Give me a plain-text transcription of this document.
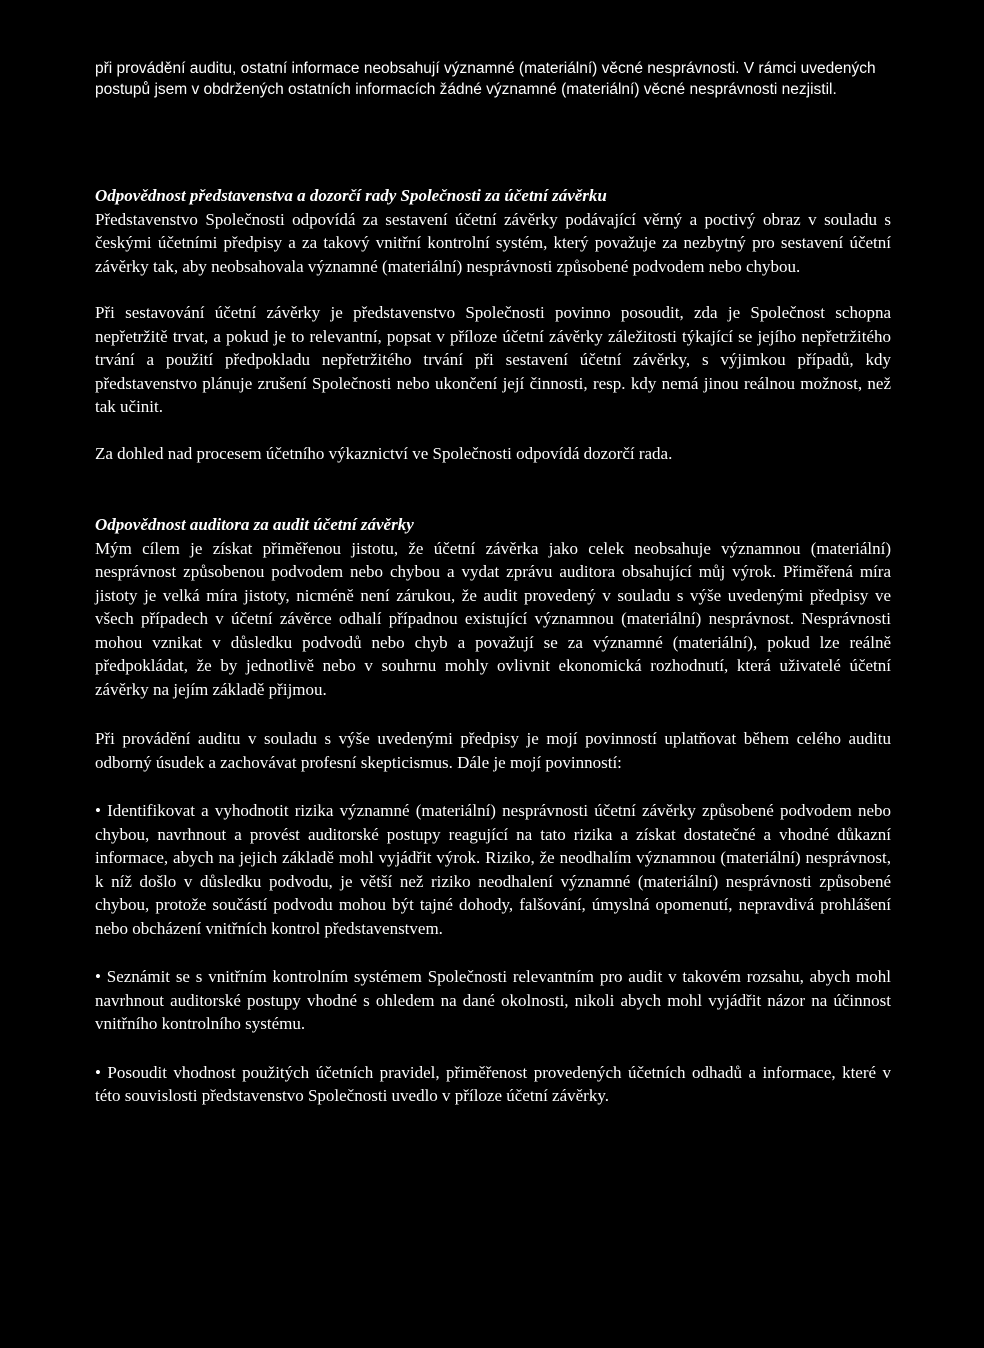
při provádění auditu, ostatní informace neobsahují významné (materiální) věcné nesprávnosti. V rámci uvedených postupů jsem v obdržených ostatních informacích žádné významné (materiální) věcné nesprávnosti nezjistil.

Odpovědnost představenstva a dozorčí rady Společnosti za účetní závěrku

Představenstvo Společnosti odpovídá za sestavení účetní závěrky podávající věrný a poctivý obraz v souladu s českými účetními předpisy a za takový vnitřní kontrolní systém, který považuje za nezbytný pro sestavení účetní závěrky tak, aby neobsahovala významné (materiální) nesprávnosti způsobené podvodem nebo chybou.

Při sestavování účetní závěrky je představenstvo Společnosti povinno posoudit, zda je Společnost schopna nepřetržitě trvat, a pokud je to relevantní, popsat v příloze účetní závěrky záležitosti týkající se jejího nepřetržitého trvání a použití předpokladu nepřetržitého trvání při sestavení účetní závěrky, s výjimkou případů, kdy představenstvo plánuje zrušení Společnosti nebo ukončení její činnosti, resp. kdy nemá jinou reálnou možnost, než tak učinit.

Za dohled nad procesem účetního výkaznictví ve Společnosti odpovídá dozorčí rada.

Odpovědnost auditora za audit účetní závěrky

Mým cílem je získat přiměřenou jistotu, že účetní závěrka jako celek neobsahuje významnou (materiální) nesprávnost způsobenou podvodem nebo chybou a vydat zprávu auditora obsahující můj výrok. Přiměřená míra jistoty je velká míra jistoty, nicméně není zárukou, že audit provedený v souladu s výše uvedenými předpisy ve všech případech v účetní závěrce odhalí případnou existující významnou (materiální) nesprávnost. Nesprávnosti mohou vznikat v důsledku podvodů nebo chyb a považují se za významné (materiální), pokud lze reálně předpokládat, že by jednotlivě nebo v souhrnu mohly ovlivnit ekonomická rozhodnutí, která uživatelé účetní závěrky na jejím základě přijmou.

Při provádění auditu v souladu s výše uvedenými předpisy je mojí povinností uplatňovat během celého auditu odborný úsudek a zachovávat profesní skepticismus. Dále je mojí povinností:

• Identifikovat a vyhodnotit rizika významné (materiální) nesprávnosti účetní závěrky způsobené podvodem nebo chybou, navrhnout a provést auditorské postupy reagující na tato rizika a získat dostatečné a vhodné důkazní informace, abych na jejich základě mohl vyjádřit výrok. Riziko, že neodhalím významnou (materiální) nesprávnost, k níž došlo v důsledku podvodu, je větší než riziko neodhalení významné (materiální) nesprávnosti způsobené chybou, protože součástí podvodu mohou být tajné dohody, falšování, úmyslná opomenutí, nepravdivá prohlášení nebo obcházení vnitřních kontrol představenstvem.

• Seznámit se s vnitřním kontrolním systémem Společnosti relevantním pro audit v takovém rozsahu, abych mohl navrhnout auditorské postupy vhodné s ohledem na dané okolnosti, nikoli abych mohl vyjádřit názor na účinnost vnitřního kontrolního systému.

• Posoudit vhodnost použitých účetních pravidel, přiměřenost provedených účetních odhadů a informace, které v této souvislosti představenstvo Společnosti uvedlo v příloze účetní závěrky.
